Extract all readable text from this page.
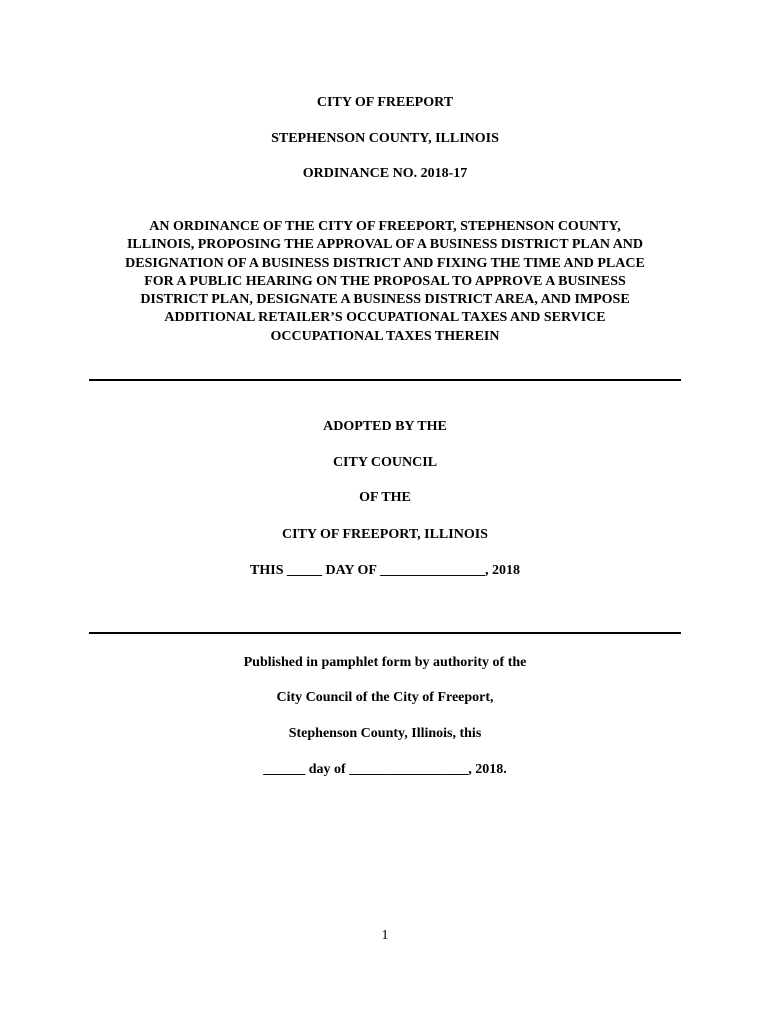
CITY OF FREEPORT
STEPHENSON COUNTY, ILLINOIS
ORDINANCE NO. 2018-17
AN ORDINANCE OF THE CITY OF FREEPORT, STEPHENSON COUNTY,
ILLINOIS, PROPOSING THE APPROVAL OF A BUSINESS DISTRICT PLAN AND
DESIGNATION OF A BUSINESS DISTRICT AND FIXING THE TIME AND PLACE
FOR A PUBLIC HEARING ON THE PROPOSAL TO APPROVE A BUSINESS
DISTRICT PLAN, DESIGNATE A BUSINESS DISTRICT AREA, AND IMPOSE
ADDITIONAL RETAILER’S OCCUPATIONAL TAXES AND SERVICE
OCCUPATIONAL TAXES THEREIN
ADOPTED BY THE
CITY COUNCIL
OF THE
CITY OF FREEPORT, ILLINOIS
THIS _____ DAY OF _______________, 2018
Published in pamphlet form by authority of the
City Council of the City of Freeport,
Stephenson County, Illinois, this
______ day of _________________, 2018.
1
